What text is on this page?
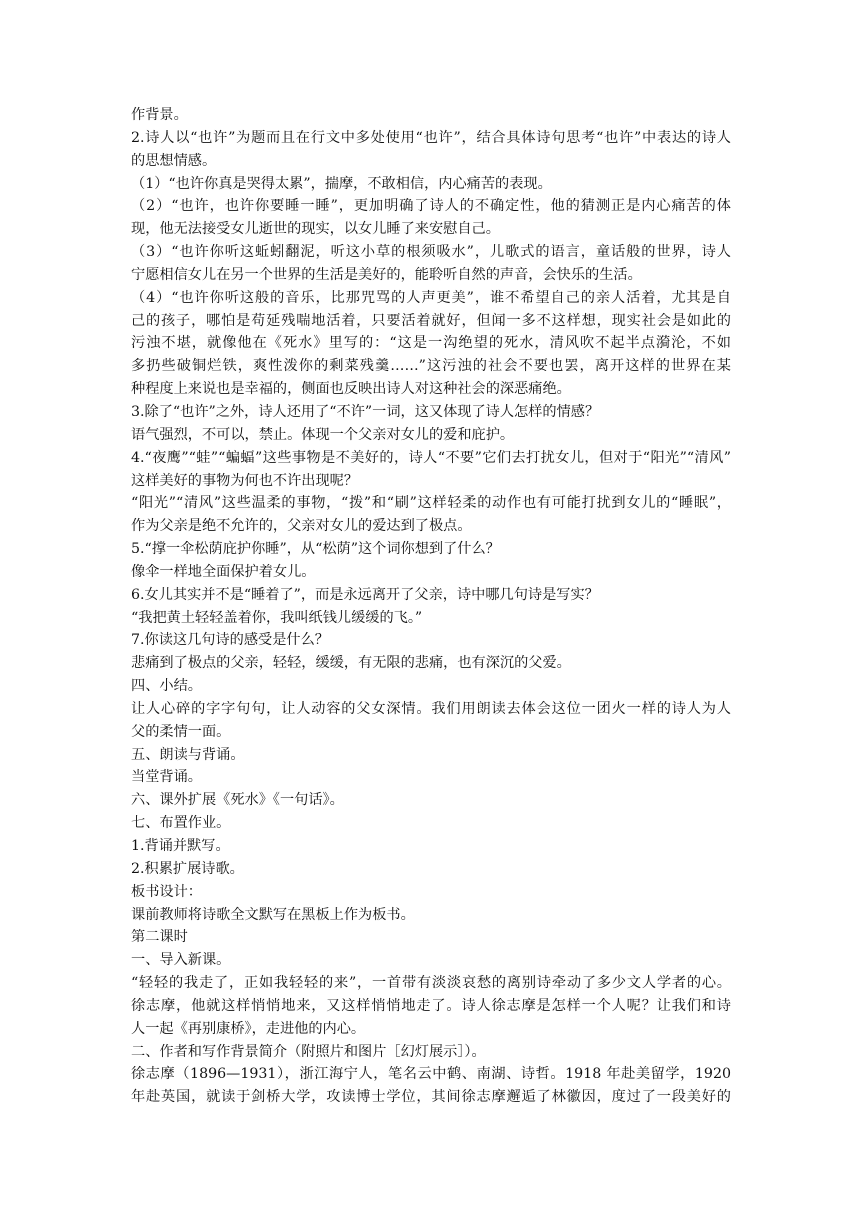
作背景。
2.诗人以“也许”为题而且在行文中多处使用“也许”，结合具体诗句思考“也许”中表达的诗人
的思想情感。
（1）“也许你真是哭得太累”，揣摩，不敢相信，内心痛苦的表现。
（2）“也许，也许你要睡一睡”，更加明确了诗人的不确定性，他的猜测正是内心痛苦的体
现，他无法接受女儿逝世的现实，以女儿睡了来安慰自己。
（3）“也许你听这蚯蚓翻泥，听这小草的根须吸水”，儿歌式的语言，童话般的世界，诗人
宁愿相信女儿在另一个世界的生活是美好的，能聆听自然的声音，会快乐的生活。
（4）“也许你听这般的音乐，比那咒骂的人声更美”，谁不希望自己的亲人活着，尤其是自
己的孩子，哪怕是苟延残喘地活着，只要活着就好，但闻一多不这样想，现实社会是如此的
污浊不堪，就像他在《死水》里写的：“这是一沟绝望的死水，清风吹不起半点漪沦，不如
多扔些破铜烂铁，爽性泼你的剩菜残羹……”这污浊的社会不要也罢，离开这样的世界在某
种程度上来说也是幸福的，侧面也反映出诗人对这种社会的深恶痛绝。
3.除了“也许”之外，诗人还用了“不许”一词，这又体现了诗人怎样的情感？
语气强烈，不可以，禁止。体现一个父亲对女儿的爱和庇护。
4.“夜鹰”“蛙”“蝙蝠”这些事物是不美好的，诗人“不要”它们去打扰女儿，但对于“阳光”“清风”
这样美好的事物为何也不许出现呢？
“阳光”“清风”这些温柔的事物，“拨”和“刷”这样轻柔的动作也有可能打扰到女儿的“睡眠”，
作为父亲是绝不允许的，父亲对女儿的爱达到了极点。
5.“撑一伞松荫庇护你睡”，从“松荫”这个词你想到了什么？
像伞一样地全面保护着女儿。
6.女儿其实并不是“睡着了”，而是永远离开了父亲，诗中哪几句诗是写实？
“我把黄土轻轻盖着你，我叫纸钱儿缓缓的飞。”
7.你读这几句诗的感受是什么？
悲痛到了极点的父亲，轻轻，缓缓，有无限的悲痛，也有深沉的父爱。
四、小结。
让人心碎的字字句句，让人动容的父女深情。我们用朗读去体会这位一团火一样的诗人为人
父的柔情一面。
五、朗读与背诵。
当堂背诵。
六、课外扩展《死水》《一句话》。
七、布置作业。
1.背诵并默写。
2.积累扩展诗歌。
板书设计：
课前教师将诗歌全文默写在黑板上作为板书。
第二课时
一、导入新课。
“轻轻的我走了，正如我轻轻的来”，一首带有淡淡哀愁的离别诗牵动了多少文人学者的心。
徐志摩，他就这样悄悄地来，又这样悄悄地走了。诗人徐志摩是怎样一个人呢？让我们和诗
人一起《再别康桥》，走进他的内心。
二、作者和写作背景简介（附照片和图片［幻灯展示］）。
徐志摩（1896—1931），浙江海宁人，笔名云中鹤、南湖、诗哲。1918 年赴美留学，1920
年赴英国，就读于剑桥大学，攻读博士学位，其间徐志摩邂逅了林徽因，度过了一段美好的
